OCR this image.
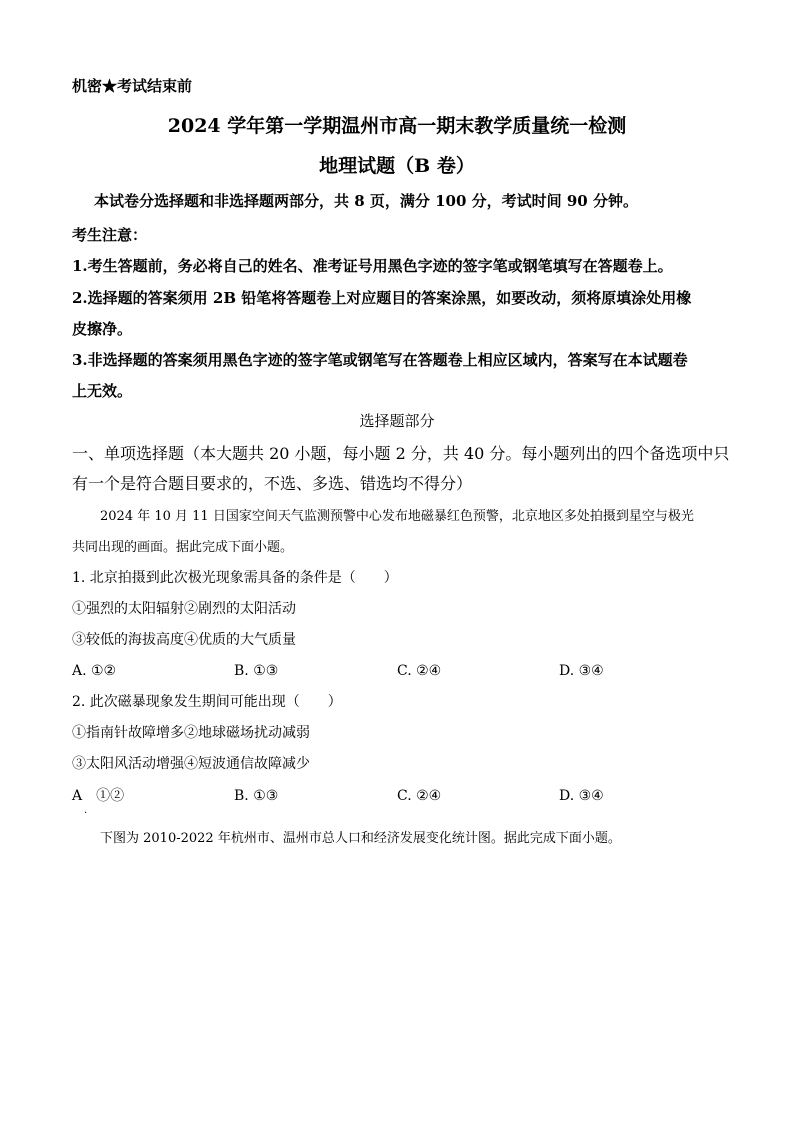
机密★考试结束前
2024 学年第一学期温州市高一期末教学质量统一检测
地理试题（B 卷）
本试卷分选择题和非选择题两部分，共 8 页，满分 100 分，考试时间 90 分钟。
考生注意：
1.考生答题前，务必将自己的姓名、准考证号用黑色字迹的签字笔或钢笔填写在答题卷上。
2.选择题的答案须用 2B 铅笔将答题卷上对应题目的答案涂黑，如要改动，须将原填涂处用橡
皮擦净。
3.非选择题的答案须用黑色字迹的签字笔或钢笔写在答题卷上相应区域内，答案写在本试题卷
上无效。
选择题部分
一、单项选择题（本大题共 20 小题，每小题 2 分，共 40 分。每小题列出的四个备选项中只
有一个是符合题目要求的，不选、多选、错选均不得分）
2024 年 10 月 11 日国家空间天气监测预警中心发布地磁暴红色预警，北京地区多处拍摄到星空与极光
共同出现的画面。据此完成下面小题。
1. 北京拍摄到此次极光现象需具备的条件是（　　）
①强烈的太阳辐射②剧烈的太阳活动
③较低的海拔高度④优质的大气质量
A. ①②	B. ①③	C. ②④	D. ③④
2. 此次磁暴现象发生期间可能出现（　　）
①指南针故障增多②地球磁场扰动减弱
③太阳风活动增强④短波通信故障减少
A　①②	B. ①③	C. ②④	D. ③④
.
下图为 2010-2022 年杭州市、温州市总人口和经济发展变化统计图。据此完成下面小题。
